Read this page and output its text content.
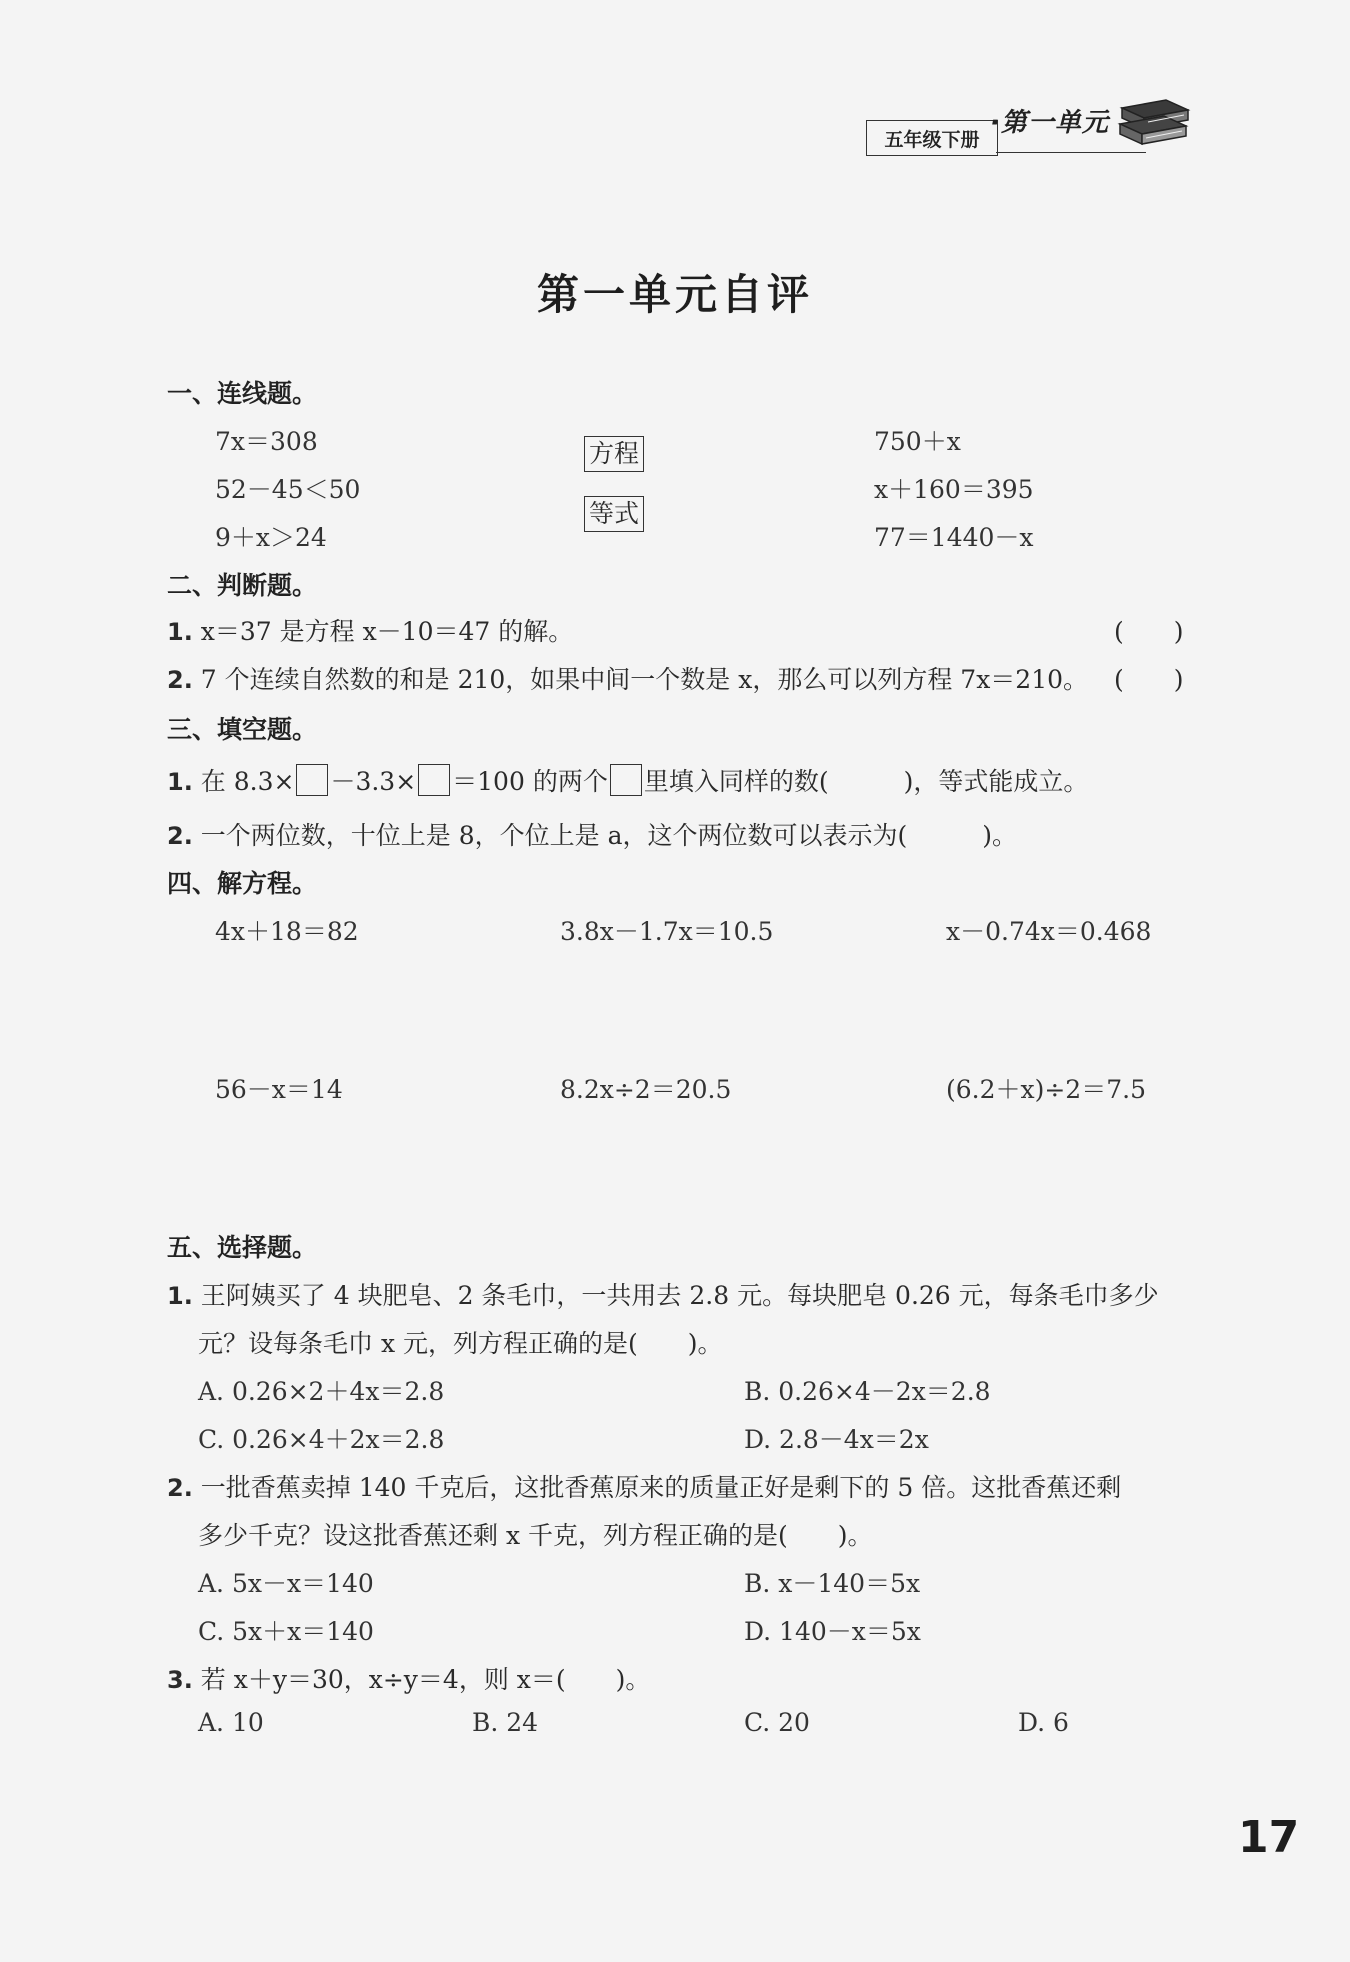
五年级下册
·第一单元
第一单元自评
一、连线题。
7x＝308
52－45＜50
9＋x＞24
方程
等式
750＋x
x＋160＝395
77＝1440－x
二、判断题。
1. x＝37 是方程 x－10＝47 的解。	(　　)
2. 7 个连续自然数的和是 210，如果中间一个数是 x，那么可以列方程 7x＝210。 (　　)
三、填空题。
1. 在 8.3× －3.3× ＝100 的两个 里填入同样的数(　　　)，等式能成立。
2. 一个两位数，十位上是 8，个位上是 a，这个两位数可以表示为(　　　)。
四、解方程。
4x＋18＝82	3.8x－1.7x＝10.5	x－0.74x＝0.468
56－x＝14	8.2x÷2＝20.5	(6.2＋x)÷2＝7.5
五、选择题。
1. 王阿姨买了 4 块肥皂、2 条毛巾，一共用去 2.8 元。每块肥皂 0.26 元，每条毛巾多少
元？设每条毛巾 x 元，列方程正确的是(　　)。
A. 0.26×2＋4x＝2.8	B. 0.26×4－2x＝2.8
C. 0.26×4＋2x＝2.8	D. 2.8－4x＝2x
2. 一批香蕉卖掉 140 千克后，这批香蕉原来的质量正好是剩下的 5 倍。这批香蕉还剩
多少千克？设这批香蕉还剩 x 千克，列方程正确的是(　　)。
A. 5x－x＝140	B. x－140＝5x
C. 5x＋x＝140	D. 140－x＝5x
3. 若 x＋y＝30，x÷y＝4，则 x＝(　　)。
A. 10	B. 24	C. 20	D. 6
17
